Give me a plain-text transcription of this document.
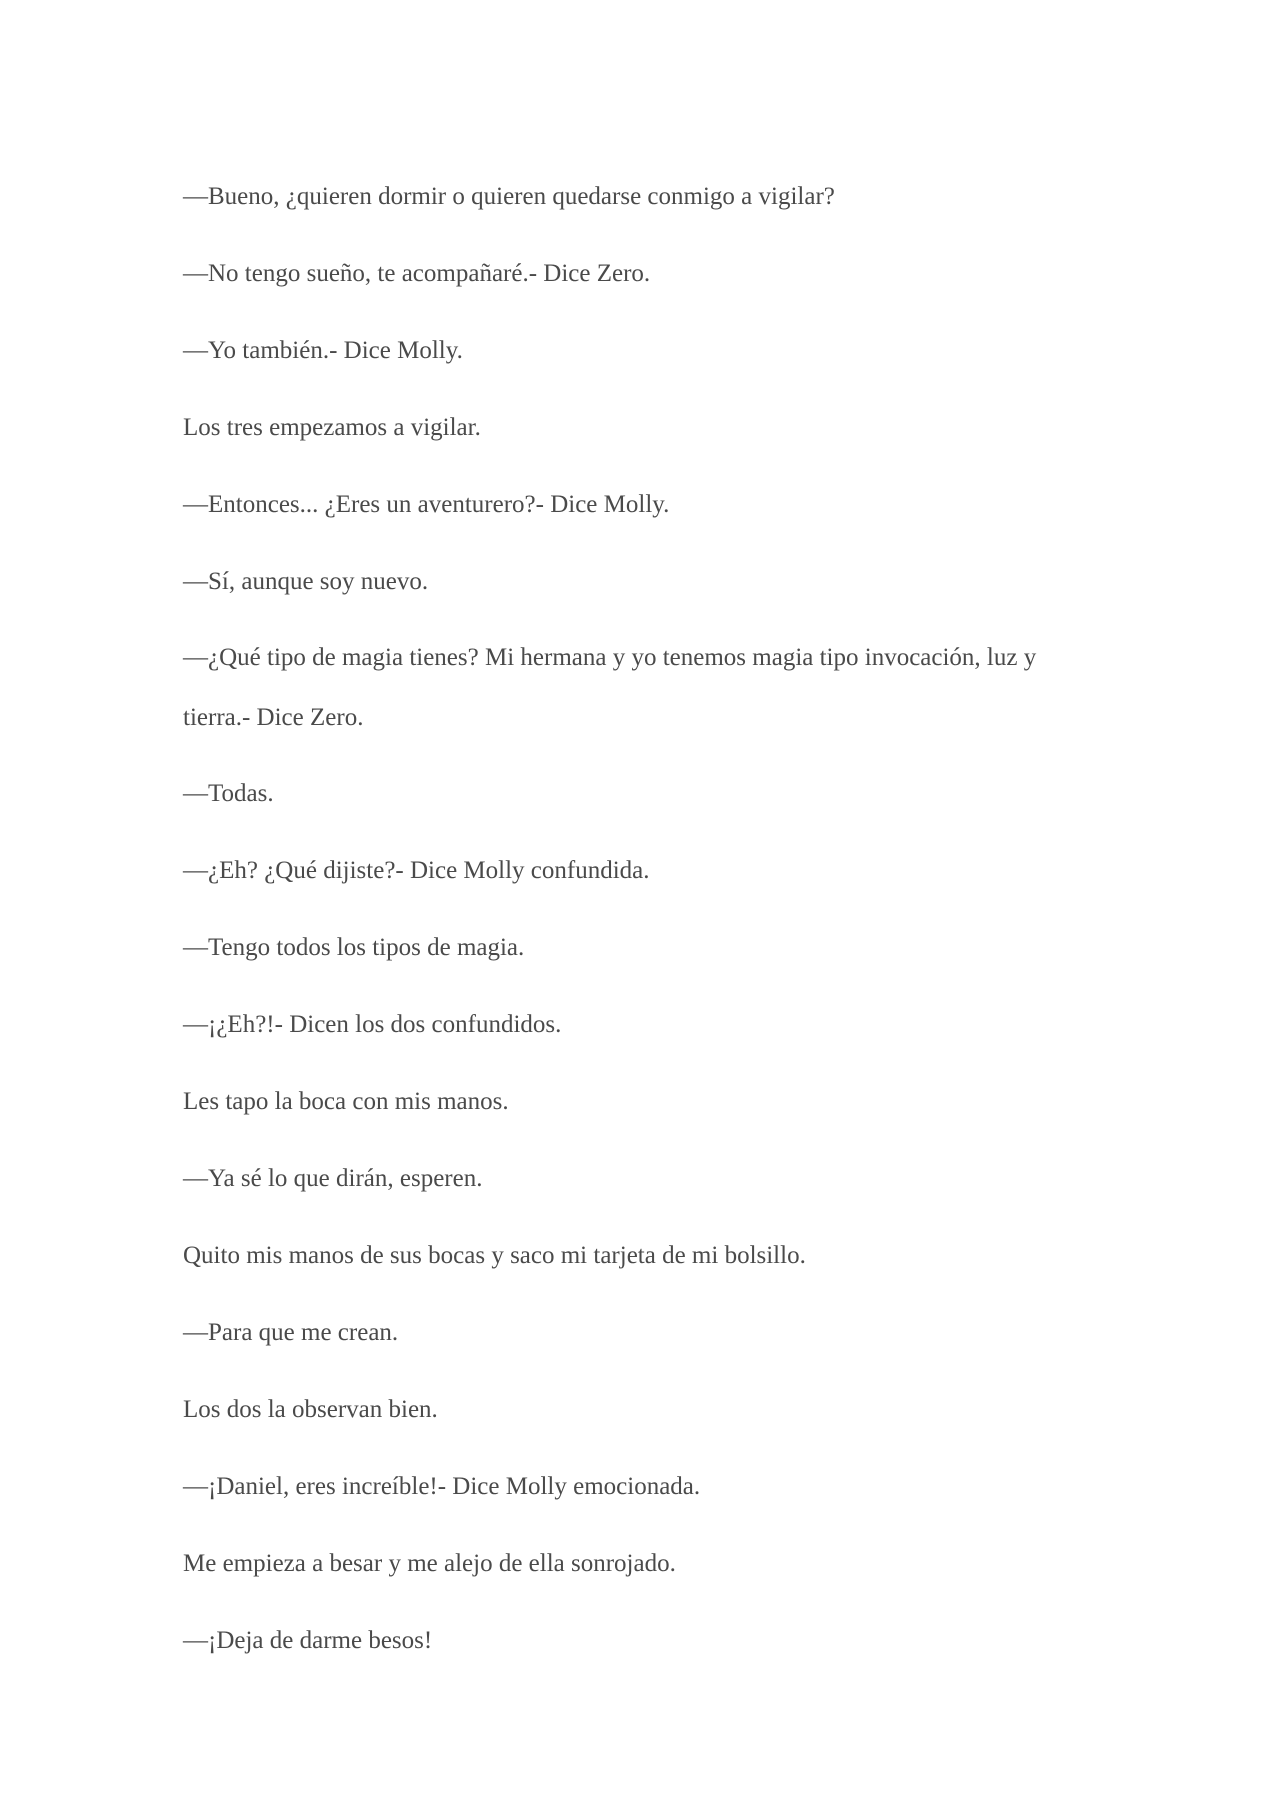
—Bueno, ¿quieren dormir o quieren quedarse conmigo a vigilar?

—No tengo sueño, te acompañaré.- Dice Zero.

—Yo también.- Dice Molly.

Los tres empezamos a vigilar.

—Entonces... ¿Eres un aventurero?- Dice Molly.

—Sí, aunque soy nuevo.

—¿Qué tipo de magia tienes? Mi hermana y yo tenemos magia tipo invocación, luz y tierra.- Dice Zero.

—Todas.

—¿Eh? ¿Qué dijiste?- Dice Molly confundida.

—Tengo todos los tipos de magia.

—¡¿Eh?!- Dicen los dos confundidos.

Les tapo la boca con mis manos.

—Ya sé lo que dirán, esperen.

Quito mis manos de sus bocas y saco mi tarjeta de mi bolsillo.

—Para que me crean.

Los dos la observan bien.

—¡Daniel, eres increíble!- Dice Molly emocionada.

Me empieza a besar y me alejo de ella sonrojado.

—¡Deja de darme besos!
